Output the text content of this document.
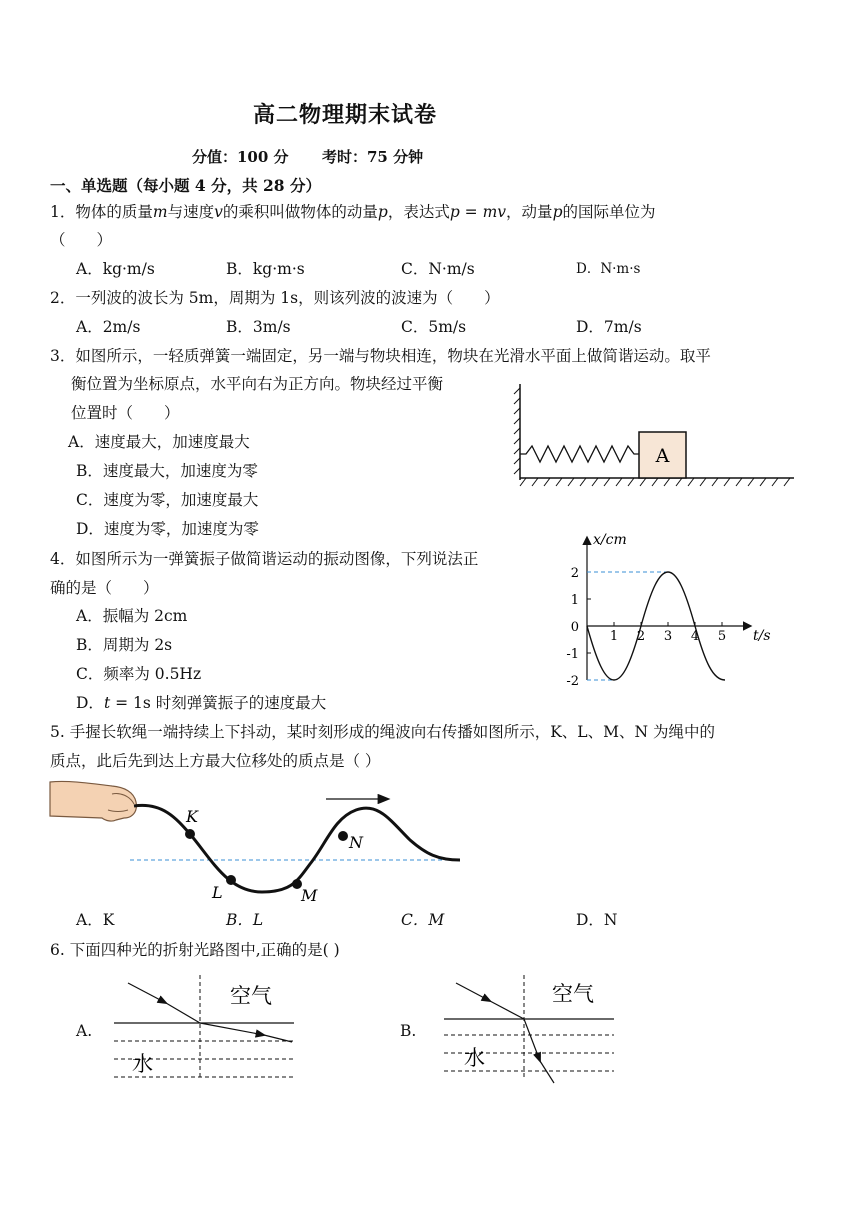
高二物理期末试卷
分值：100 分 考时：75 分钟
一、单选题（每小题 4 分，共 28 分）
1．物体的质量m与速度v的乘积叫做物体的动量p，表达式p = mv，动量p的国际单位为
（　　）
A．kg·m/s	B．kg·m·s	C．N·m/s	D．N·m·s
2．一列波的波长为 5m，周期为 1s，则该列波的波速为（　　）
A．2m/s	B．3m/s	C．5m/s	D．7m/s
3．如图所示，一轻质弹簧一端固定，另一端与物块相连，物块在光滑水平面上做简谐运动。取平
衡位置为坐标原点，水平向右为正方向。物块经过平衡
位置时（　　）
A．速度最大，加速度最大
B．速度最大，加速度为零
C．速度为零，加速度最大
D．速度为零，加速度为零
A
4．如图所示为一弹簧振子做简谐运动的振动图像，下列说法正
确的是（　　）
A．振幅为 2cm
B．周期为 2s
C．频率为 0.5Hz
D．t = 1s 时刻弹簧振子的速度最大
x/cm
t/s
1 2 3 4 5
2
1
0
-1
-2
5. 手握长软绳一端持续上下抖动，某时刻形成的绳波向右传播如图所示，K、L、M、N 为绳中的
质点，此后先到达上方最大位移处的质点是（ ）
K
L	M
N
A．K	B．L	C．M	D．N
6. 下面四种光的折射光路图中,正确的是( )
A.
空气
水
B.
空气
水
